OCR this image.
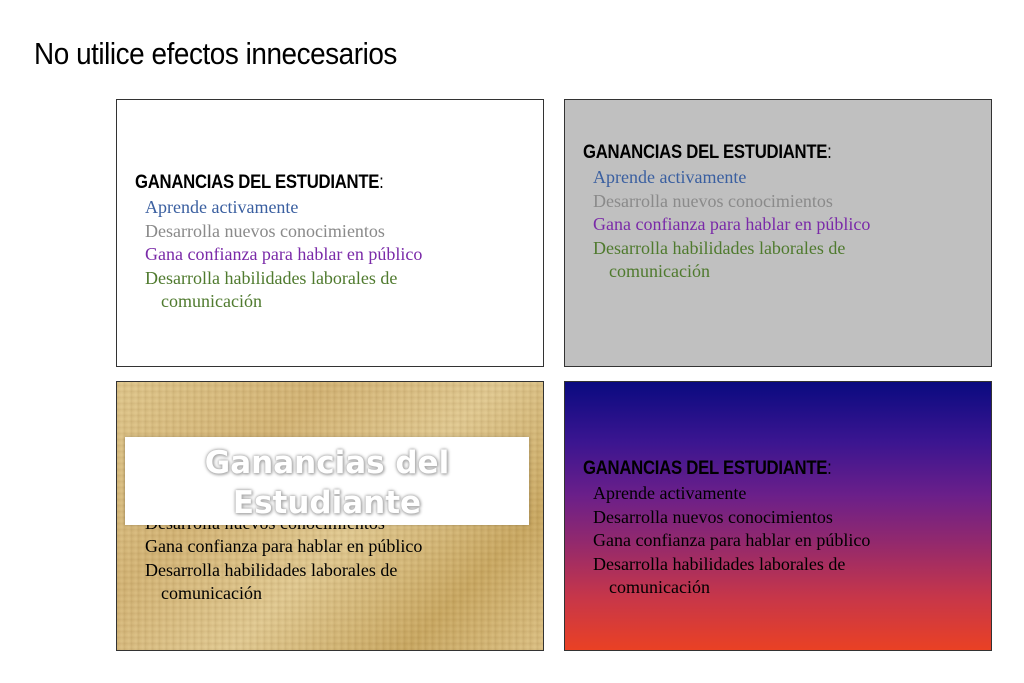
No utilice efectos innecesarios
GANANCIAS DEL ESTUDIANTE:
Aprende activamente
Desarrolla nuevos conocimientos
Gana confianza para hablar en público
Desarrolla habilidades laborales de
comunicación
GANANCIAS DEL ESTUDIANTE:
Aprende activamente
Desarrolla nuevos conocimientos
Gana confianza para hablar en público
Desarrolla habilidades laborales de
comunicación
Gana confianza para hablar en público
Desarrolla habilidades laborales de
comunicación
Ganancias del
Estudiante
GANANCIAS DEL ESTUDIANTE:
Aprende activamente
Desarrolla nuevos conocimientos
Gana confianza para hablar en público
Desarrolla habilidades laborales de
comunicación
